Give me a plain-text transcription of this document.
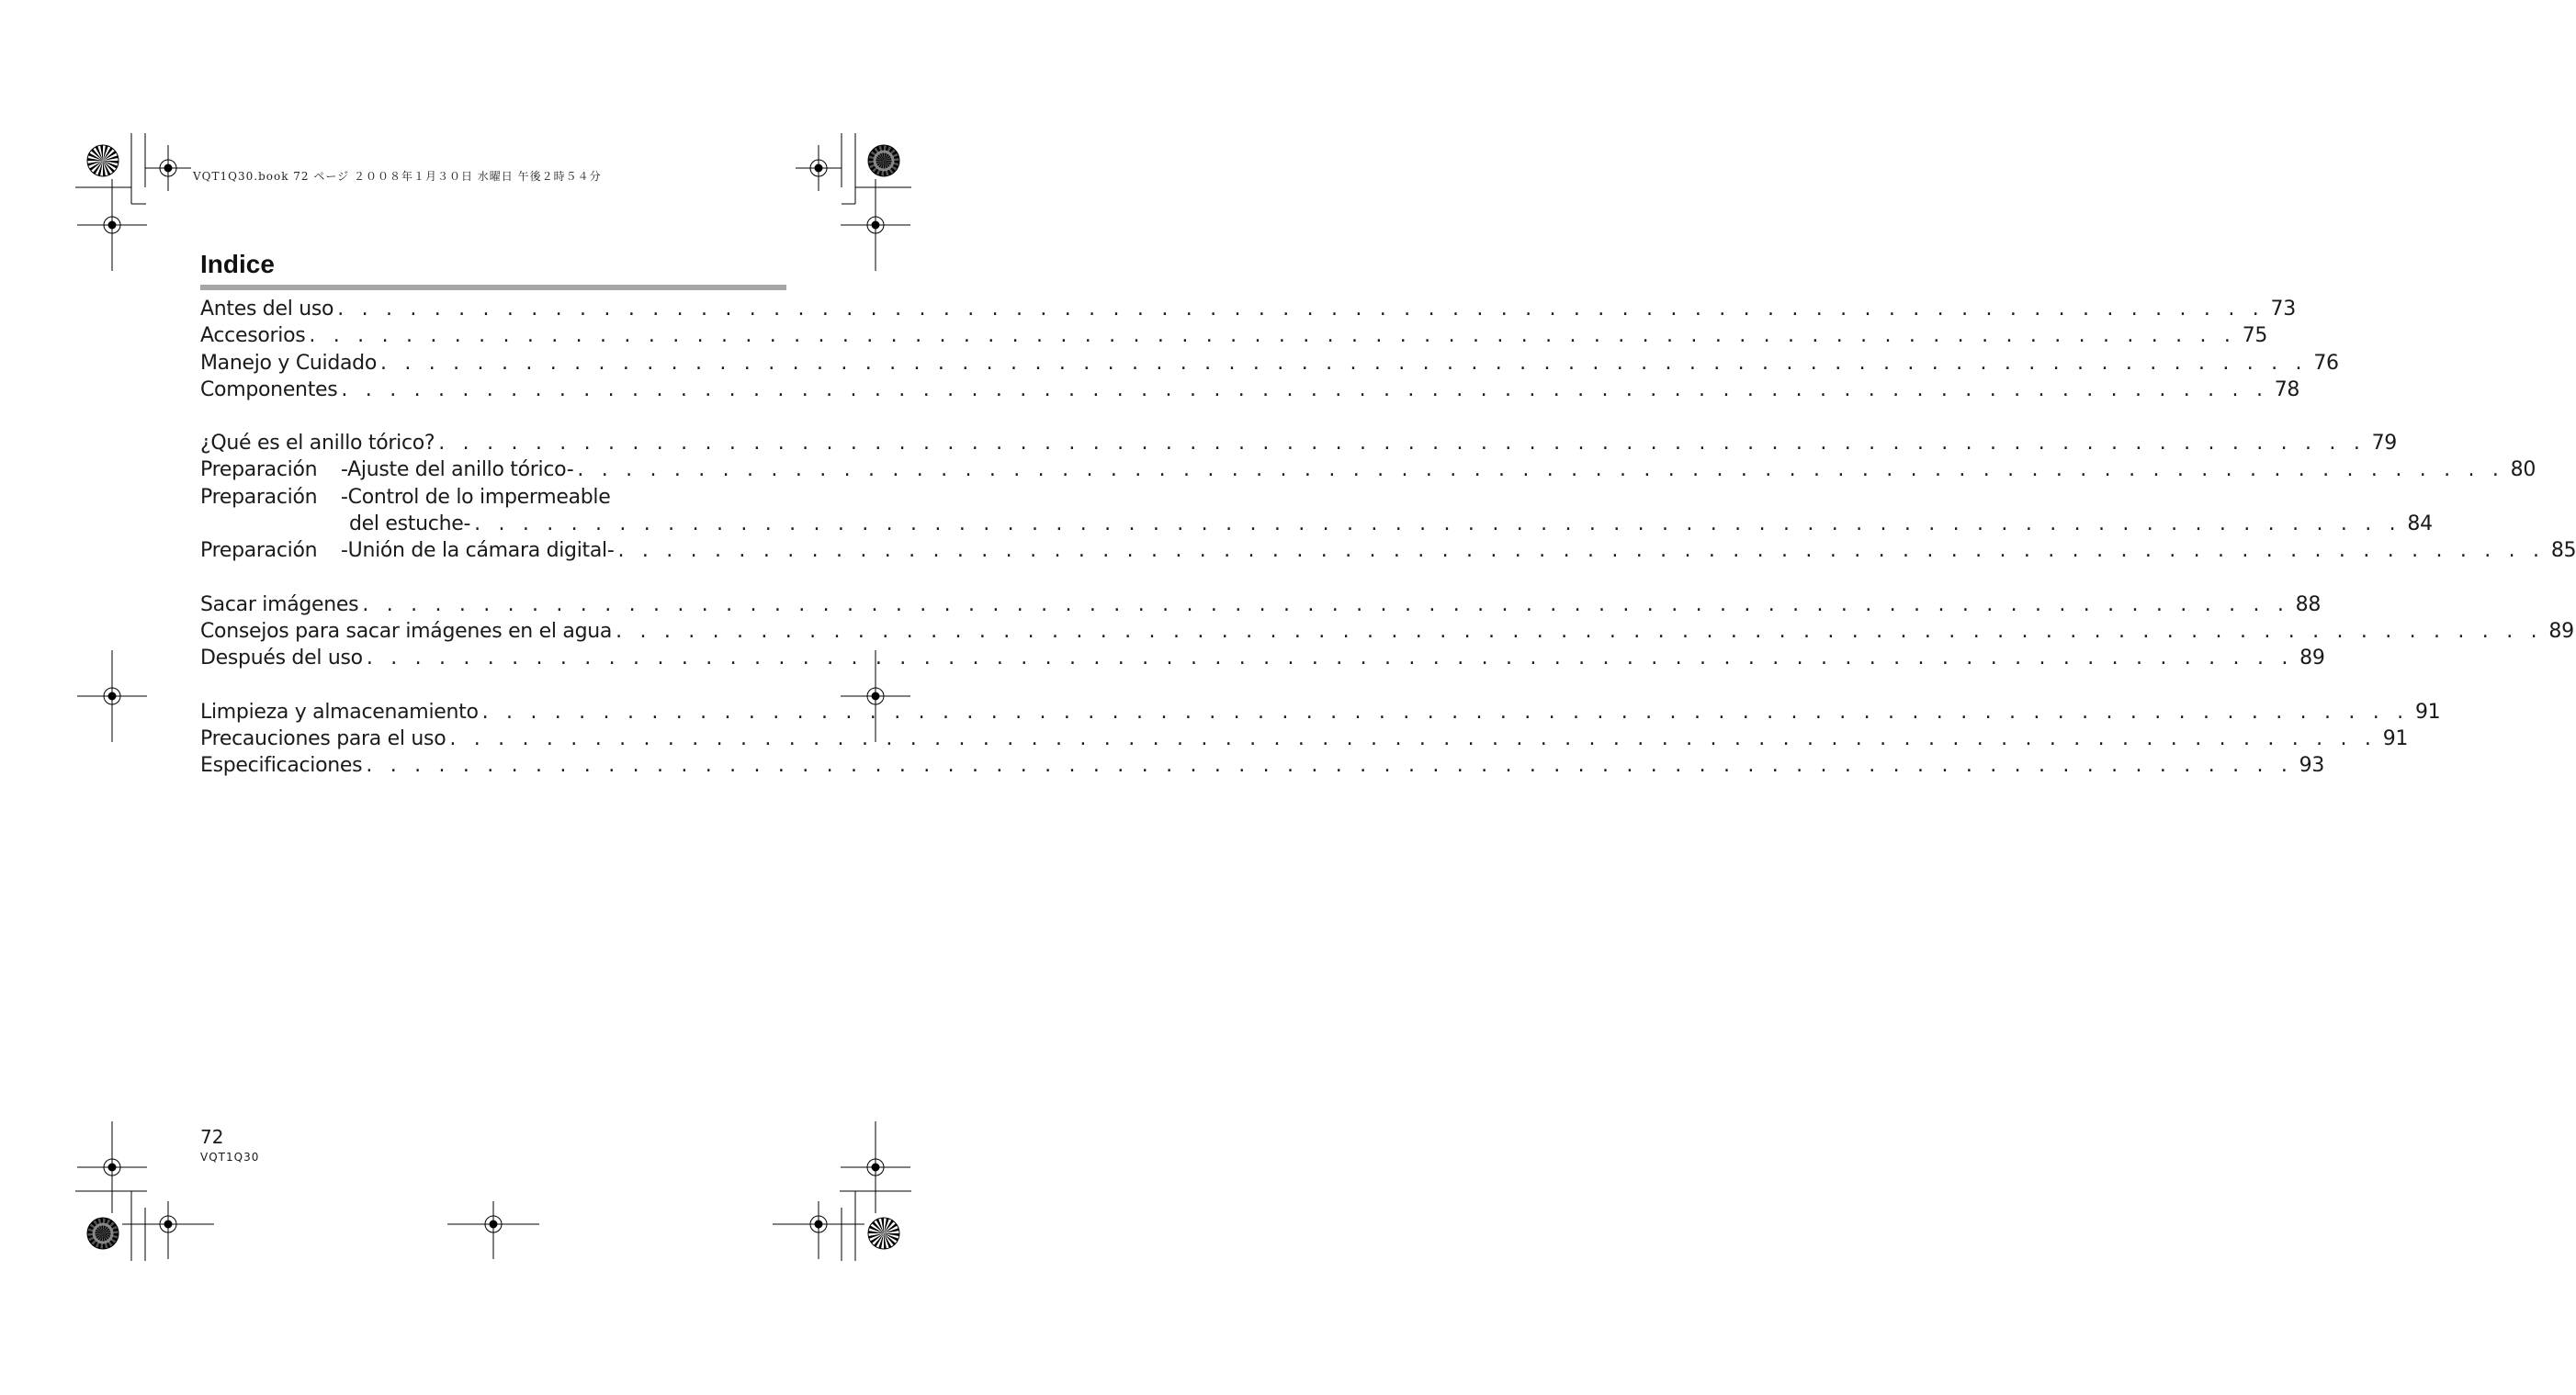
VQT1Q30.book 72 ページ ２００８年１月３０日 水曜日 午後２時５４分
Indice
Antes del uso . . . . . . . . . . . . . . . . . . . . . . . . . . . . . . . . . . . . . . . . . . . . . . . . . . . . . . . . . . . . . . . . . . . . . . . . . . . . . . . . 73
Accesorios . . . . . . . . . . . . . . . . . . . . . . . . . . . . . . . . . . . . . . . . . . . . . . . . . . . . . . . . . . . . . . . . . . . . . . . . . . . . . . . . 75
Manejo y Cuidado . . . . . . . . . . . . . . . . . . . . . . . . . . . . . . . . . . . . . . . . . . . . . . . . . . . . . . . . . . . . . . . . . . . . . . . . . . . . . . . . 76
Componentes . . . . . . . . . . . . . . . . . . . . . . . . . . . . . . . . . . . . . . . . . . . . . . . . . . . . . . . . . . . . . . . . . . . . . . . . . . . . . . . . 78
¿Qué es el anillo tórico? . . . . . . . . . . . . . . . . . . . . . . . . . . . . . . . . . . . . . . . . . . . . . . . . . . . . . . . . . . . . . . . . . . . . . . . . . . . . . . . . 79
Preparación	-Ajuste del anillo tórico- . . . . . . . . . . . . . . . . . . . . . . . . . . . . . . . . . . . . . . . . . . . . . . . . . . . . . . . . . . . . . . . . . . . . . . . . . . . . . . . . 80
Preparación	-Control de lo impermeable
del estuche- . . . . . . . . . . . . . . . . . . . . . . . . . . . . . . . . . . . . . . . . . . . . . . . . . . . . . . . . . . . . . . . . . . . . . . . . . . . . . . . . 84
Preparación	-Unión de la cámara digital- . . . . . . . . . . . . . . . . . . . . . . . . . . . . . . . . . . . . . . . . . . . . . . . . . . . . . . . . . . . . . . . . . . . . . . . . . . . . . . . . 85
Sacar imágenes . . . . . . . . . . . . . . . . . . . . . . . . . . . . . . . . . . . . . . . . . . . . . . . . . . . . . . . . . . . . . . . . . . . . . . . . . . . . . . . . 88
Consejos para sacar imágenes en el agua . . . . . . . . . . . . . . . . . . . . . . . . . . . . . . . . . . . . . . . . . . . . . . . . . . . . . . . . . . . . . . . . . . . . . . . . . . . . . . . . 89
Después del uso . . . . . . . . . . . . . . . . . . . . . . . . . . . . . . . . . . . . . . . . . . . . . . . . . . . . . . . . . . . . . . . . . . . . . . . . . . . . . . . . 89
Limpieza y almacenamiento . . . . . . . . . . . . . . . . . . . . . . . . . . . . . . . . . . . . . . . . . . . . . . . . . . . . . . . . . . . . . . . . . . . . . . . . . . . . . . . . 91
Precauciones para el uso . . . . . . . . . . . . . . . . . . . . . . . . . . . . . . . . . . . . . . . . . . . . . . . . . . . . . . . . . . . . . . . . . . . . . . . . . . . . . . . . 91
Especificaciones . . . . . . . . . . . . . . . . . . . . . . . . . . . . . . . . . . . . . . . . . . . . . . . . . . . . . . . . . . . . . . . . . . . . . . . . . . . . . . . . 93
72
VQT1Q30
